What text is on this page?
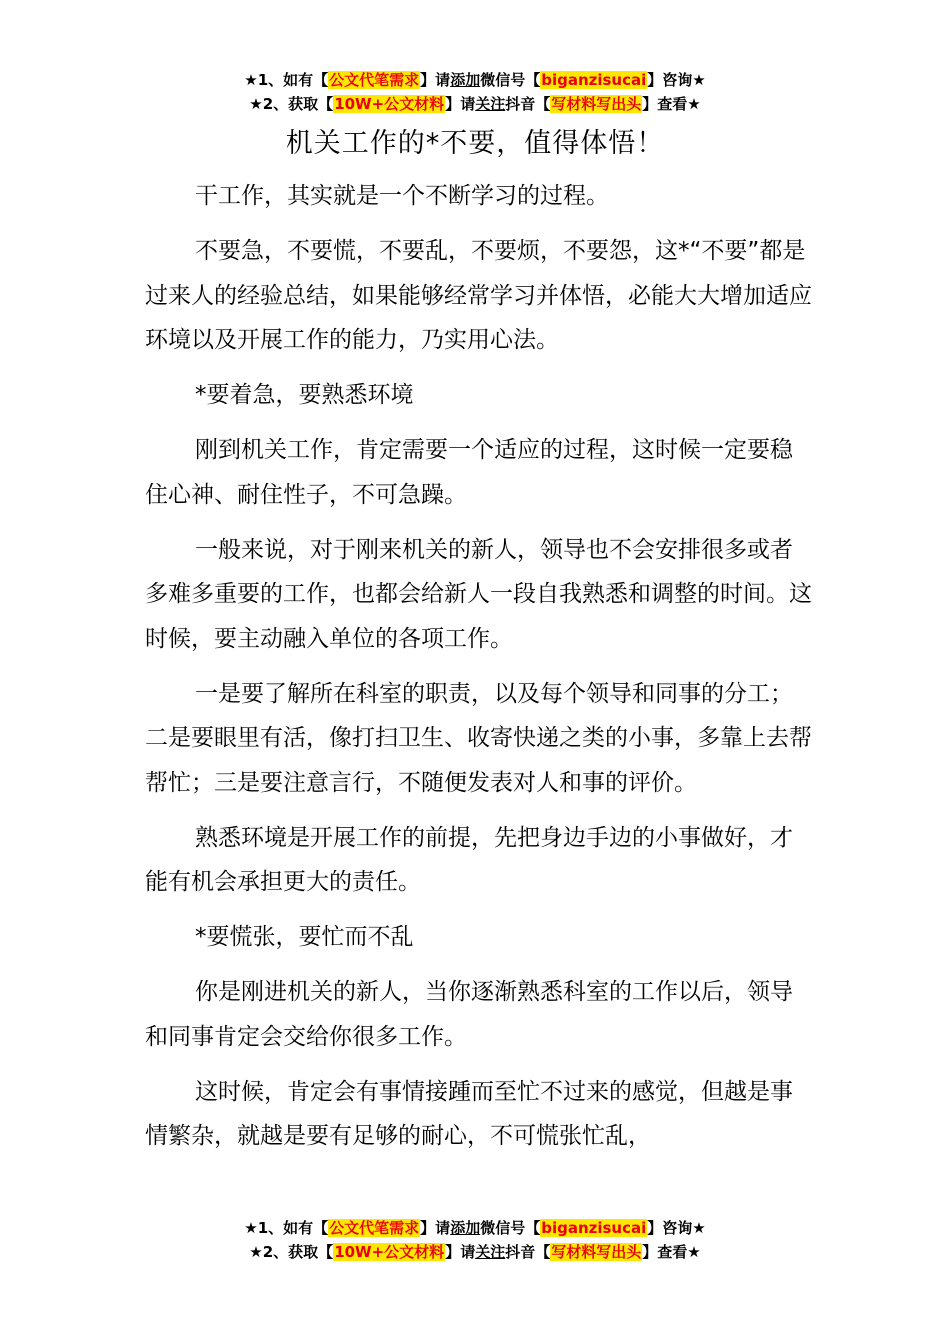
★1、如有【公文代笔需求】请添加微信号【biganzisucai】咨询★
★2、获取【10W+公文材料】请关注抖音【写材料写出头】查看★
机关工作的*不要，值得体悟！

干工作，其实就是一个不断学习的过程。

不要急，不要慌，不要乱，不要烦，不要怨，这*“不要”都是过来人的经验总结，如果能够经常学习并体悟，必能大大增加适应环境以及开展工作的能力，乃实用心法。

*要着急，要熟悉环境

刚到机关工作，肯定需要一个适应的过程，这时候一定要稳住心神、耐住性子，不可急躁。

一般来说，对于刚来机关的新人，领导也不会安排很多或者多难多重要的工作，也都会给新人一段自我熟悉和调整的时间。这时候，要主动融入单位的各项工作。

一是要了解所在科室的职责，以及每个领导和同事的分工；二是要眼里有活，像打扫卫生、收寄快递之类的小事，多靠上去帮帮忙；三是要注意言行，不随便发表对人和事的评价。

熟悉环境是开展工作的前提，先把身边手边的小事做好，才能有机会承担更大的责任。

*要慌张，要忙而不乱

你是刚进机关的新人，当你逐渐熟悉科室的工作以后，领导和同事肯定会交给你很多工作。

这时候，肯定会有事情接踵而至忙不过来的感觉，但越是事情繁杂，就越是要有足够的耐心，不可慌张忙乱，

★1、如有【公文代笔需求】请添加微信号【biganzisucai】咨询★
★2、获取【10W+公文材料】请关注抖音【写材料写出头】查看★
